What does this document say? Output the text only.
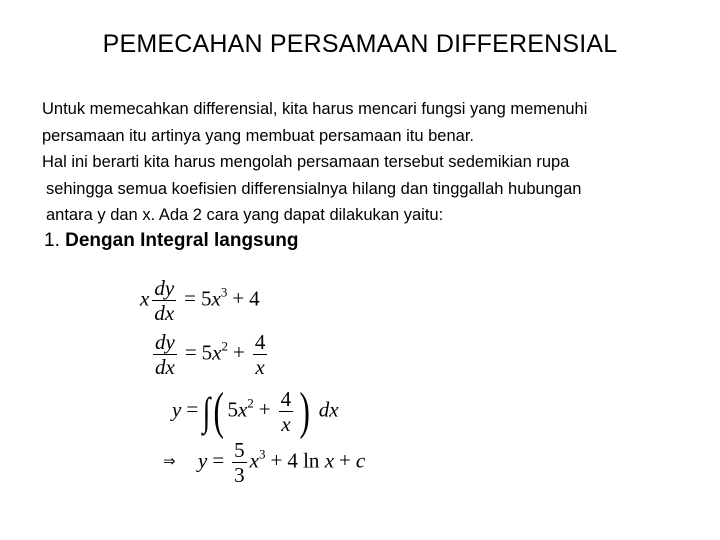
PEMECAHAN PERSAMAAN DIFFERENSIAL
Untuk memecahkan differensial, kita harus mencari fungsi yang memenuhi
persamaan itu artinya yang membuat persamaan itu benar.
Hal ini berarti kita harus mengolah persamaan tersebut sedemikian rupa
sehingga semua koefisien differensialnya hilang dan tinggallah hubungan
antara y dan x. Ada 2 cara yang dapat dilakukan yaitu:
1. Dengan Integral langsung
x $\frac{dy}{dx} = 5x^3 + 4$
$\frac{dy}{dx} = 5x^2 + \frac{4}{x}$
y = ∫( $5x^2 + \frac{4}{x}$ ) dx
⇒ $y = \frac{5}{3} x^3 + 4$ ln x + c
